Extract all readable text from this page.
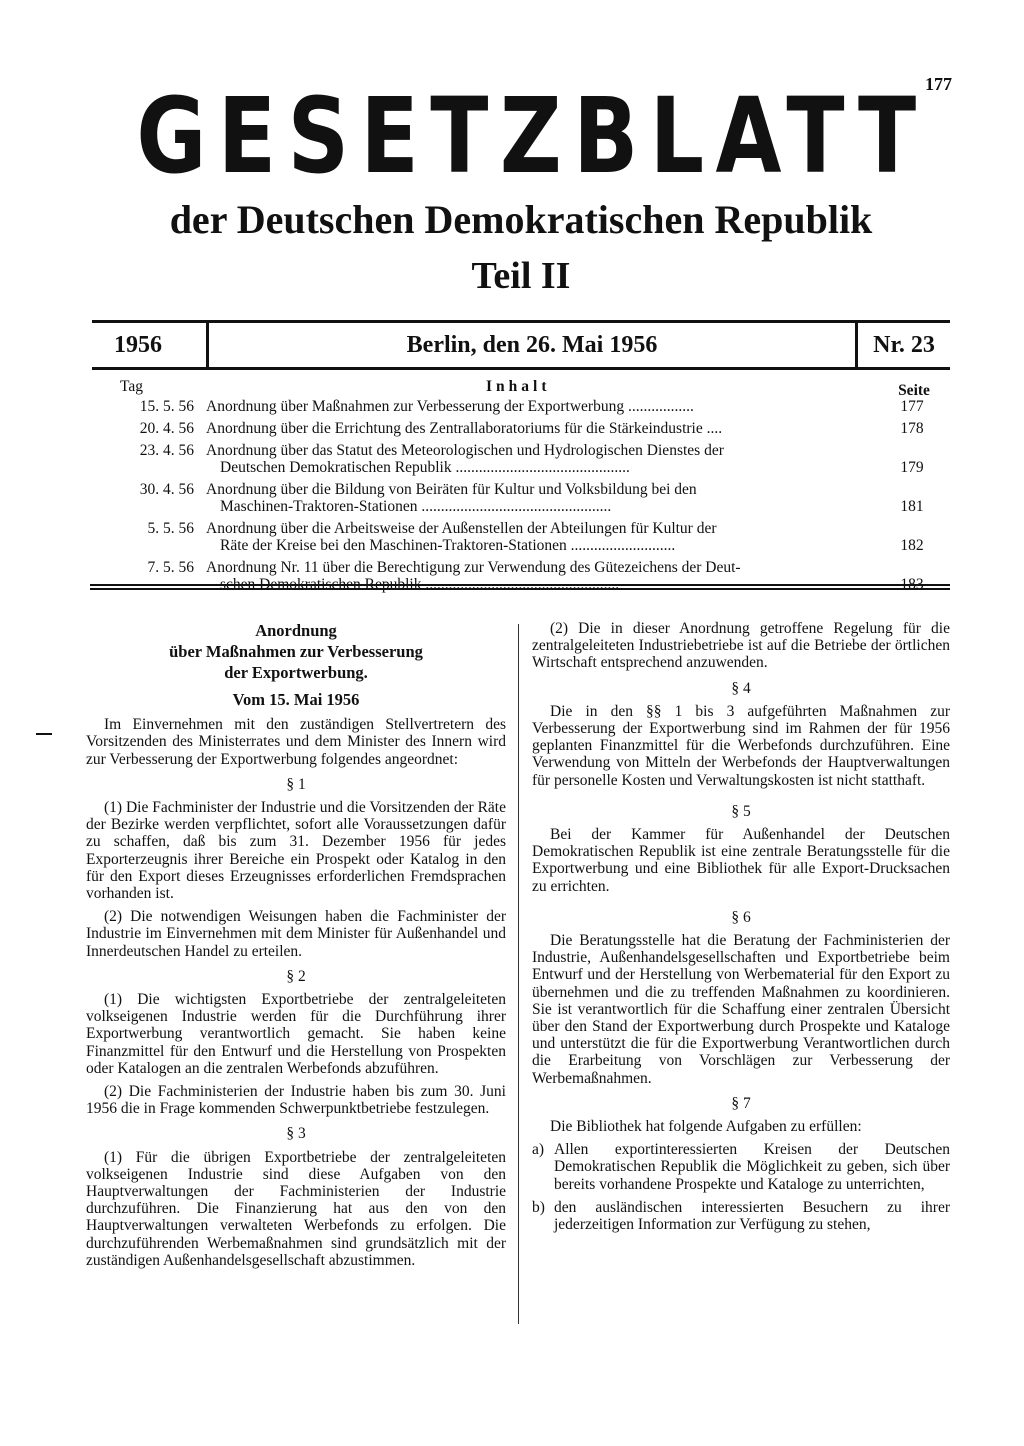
177
GESETZBLATT
der Deutschen Demokratischen Republik
Teil II
1956	Berlin, den 26. Mai 1956	Nr. 23
Tag	Inhalt	Seite
15. 5. 56 Anordnung über Maßnahmen zur Verbesserung der Exportwerbung .................	177
20. 4. 56 Anordnung über die Errichtung des Zentrallaboratoriums für die Stärkeindustrie ....	178
23. 4. 56 Anordnung über das Statut des Meteorologischen und Hydrologischen Dienstes der
Deutschen Demokratischen Republik .............................................	179
30. 4. 56 Anordnung über die Bildung von Beiräten für Kultur und Volksbildung bei den
Maschinen-Traktoren-Stationen .................................................	181
5. 5. 56 Anordnung über die Arbeitsweise der Außenstellen der Abteilungen für Kultur der
Räte der Kreise bei den Maschinen-Traktoren-Stationen ...........................	182
7. 5. 56 Anordnung Nr. 11 über die Berechtigung zur Verwendung des Gütezeichens der Deut-
schen Demokratischen Republik ..................................................	183
Anordnung
über Maßnahmen zur Verbesserung
der Exportwerbung.
Vom 15. Mai 1956

Im Einvernehmen mit den zuständigen Stellvertretern des Vorsitzenden des Ministerrates und dem Minister des Innern wird zur Verbesserung der Exportwerbung folgendes angeordnet:

§ 1

(1) Die Fachminister der Industrie und die Vorsitzenden der Räte der Bezirke werden verpflichtet, sofort alle Voraussetzungen dafür zu schaffen, daß bis zum 31. Dezember 1956 für jedes Exporterzeugnis ihrer Bereiche ein Prospekt oder Katalog in den für den Export dieses Erzeugnisses erforderlichen Fremdsprachen vorhanden ist.

(2) Die notwendigen Weisungen haben die Fachminister der Industrie im Einvernehmen mit dem Minister für Außenhandel und Innerdeutschen Handel zu erteilen.

§ 2

(1) Die wichtigsten Exportbetriebe der zentralgeleiteten volkseigenen Industrie werden für die Durchführung ihrer Exportwerbung verantwortlich gemacht. Sie haben keine Finanzmittel für den Entwurf und die Herstellung von Prospekten oder Katalogen an die zentralen Werbefonds abzuführen.

(2) Die Fachministerien der Industrie haben bis zum 30. Juni 1956 die in Frage kommenden Schwerpunktbetriebe festzulegen.

§ 3

(1) Für die übrigen Exportbetriebe der zentralgeleiteten volkseigenen Industrie sind diese Aufgaben von den Hauptverwaltungen der Fachministerien der Industrie durchzuführen. Die Finanzierung hat aus den von den Hauptverwaltungen verwalteten Werbefonds zu erfolgen. Die durchzuführenden Werbemaßnahmen sind grundsätzlich mit der zuständigen Außenhandelsgesellschaft abzustimmen.

(2) Die in dieser Anordnung getroffene Regelung für die zentralgeleiteten Industriebetriebe ist auf die Betriebe der örtlichen Wirtschaft entsprechend anzuwenden.

§ 4

Die in den §§ 1 bis 3 aufgeführten Maßnahmen zur Verbesserung der Exportwerbung sind im Rahmen der für 1956 geplanten Finanzmittel für die Werbefonds durchzuführen. Eine Verwendung von Mitteln der Werbefonds der Hauptverwaltungen für personelle Kosten und Verwaltungskosten ist nicht statthaft.

§ 5

Bei der Kammer für Außenhandel der Deutschen Demokratischen Republik ist eine zentrale Beratungsstelle für die Exportwerbung und eine Bibliothek für alle Export-Drucksachen zu errichten.

§ 6

Die Beratungsstelle hat die Beratung der Fachministerien der Industrie, Außenhandelsgesellschaften und Exportbetriebe beim Entwurf und der Herstellung von Werbematerial für den Export zu übernehmen und die zu treffenden Maßnahmen zu koordinieren. Sie ist verantwortlich für die Schaffung einer zentralen Übersicht über den Stand der Exportwerbung durch Prospekte und Kataloge und unterstützt die für die Exportwerbung Verantwortlichen durch die Erarbeitung von Vorschlägen zur Verbesserung der Werbemaßnahmen.

§ 7

Die Bibliothek hat folgende Aufgaben zu erfüllen:

a) Allen exportinteressierten Kreisen der Deutschen Demokratischen Republik die Möglichkeit zu geben, sich über bereits vorhandene Prospekte und Kataloge zu unterrichten,
b) den ausländischen interessierten Besuchern zu ihrer jederzeitigen Information zur Verfügung zu stehen,
